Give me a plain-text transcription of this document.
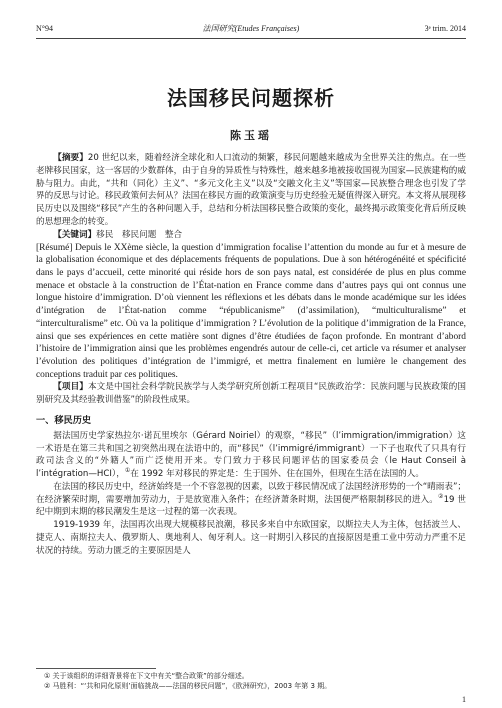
N°94	法国研究(Etudes Françaises)	3ᵉ trim. 2014
法国移民问题探析
陈玉瑶

【摘要】20 世纪以来，随着经济全球化和人口流动的频繁，移民问题越来越成为全世界关注的焦点。在一些老牌移民国家，这一客居的少数群体，由于自身的异质性与特殊性，越来越多地被接收国视为国家—民族建构的威胁与阻力。由此，“共和（同化）主义”、“多元文化主义”以及“交融文化主义”等国家—民族整合理念也引发了学界的反思与讨论。移民政策何去何从？法国在移民方面的政策演变与历史经验无疑值得深入研究。本文将从展现移民历史以及围绕“移民”产生的各种问题入手，总结和分析法国移民整合政策的变化，最终揭示政策变化背后所反映的思想理念的转变。

【关键词】移民　移民问题　整合

[Résumé] Depuis le XXème siècle, la question d’immigration focalise l’attention du monde au fur et à mesure de la globalisation économique et des déplacements fréquents de populations. Due à son hétérogénéité et spécificité dans le pays d’accueil, cette minorité qui réside hors de son pays natal, est considérée de plus en plus comme menace et obstacle à la construction de l’État-nation en France comme dans d’autres pays qui ont connus une longue histoire d’immigration. D’où viennent les réflexions et les débats dans le monde académique sur les idées d’intégration de l’État-nation comme “républicanisme” (d’assimilation), “multiculturalisme” et “interculturalisme” etc. Où va la politique d’immigration ? L’évolution de la politique d’immigration de la France, ainsi que ses expériences en cette matière sont dignes d’être étudiées de façon profonde. En montrant d’abord l’histoire de l’immigration ainsi que les problèmes engendrés autour de celle-ci, cet article va résumer et analyser l’évolution des politiques d’intégration de l’immigré, et mettra finalement en lumière le changement des conceptions traduit par ces politiques.

【项目】本文是中国社会科学院民族学与人类学研究所创新工程项目“民族政治学：民族问题与民族政策的国别研究及其经验教训借鉴”的阶段性成果。

一、移民历史

据法国历史学家热拉尔·诺瓦里埃尔（Gérard Noiriel）的观察，“移民”（l’immigration/immigration）这一术语是在第三共和国之初突然出现在法语中的，而“移民”（l’immigré/immigrant）一下子也取代了只具有行政司法含义的“外籍人”而广泛使用开来。专门致力于移民问题评估的国家委员会（le Haut Conseil à l’intégration—HCI），①在 1992 年对移民的界定是：生于国外、住在国外，但现在生活在法国的人。

在法国的移民历史中，经济始终是一个不容忽视的因素，以致于移民情况成了法国经济形势的一个“晴雨表”；在经济繁荣时期，需要增加劳动力，于是放宽准入条件；在经济萧条时期，法国便严格限制移民的进入。②19 世纪中期到末期的移民潮发生是这一过程的第一次表现。

1919-1939 年，法国再次出现大规模移民浪潮，移民多来自中东欧国家，以斯拉夫人为主体，包括波兰人、捷克人、南斯拉夫人、俄罗斯人、奥地利人、匈牙利人。这一时期引入移民的直接原因是重工业中劳动力严重不足状况的持续。劳动力匮乏的主要原因是人

① 关于该组织的详细背景将在下文中有关“整合政策”的部分细述。

② 马胜利：“‘共和同化原则’面临挑战——法国的移民问题”，《欧洲研究》，2003 年第 3 期。

1
